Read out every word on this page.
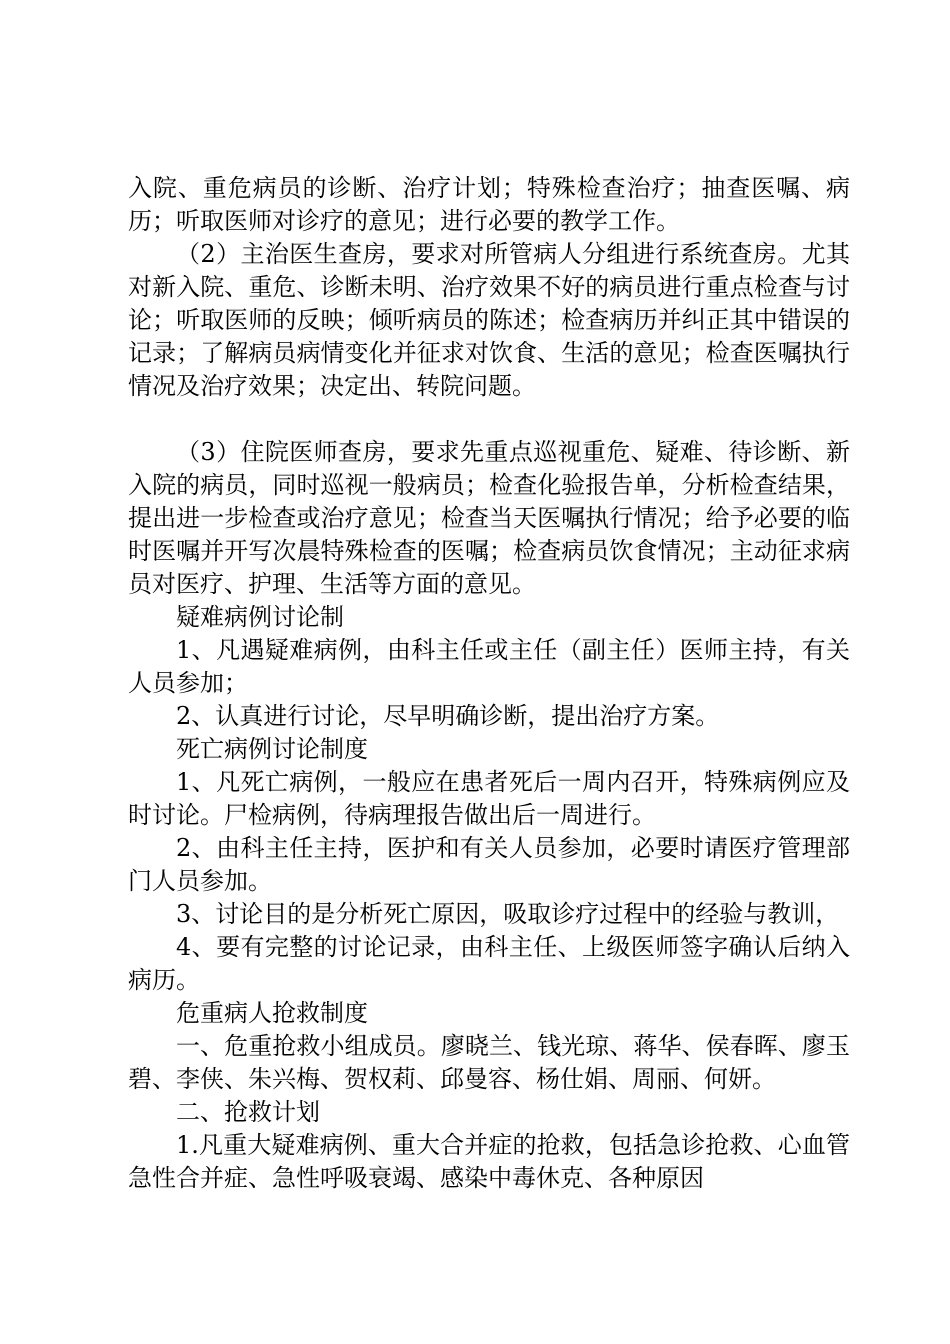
入院、重危病员的诊断、治疗计划；特殊检查治疗；抽查医嘱、病历；听取医师对诊疗的意见；进行必要的教学工作。

（2）主治医生查房，要求对所管病人分组进行系统查房。尤其对新入院、重危、诊断未明、治疗效果不好的病员进行重点检查与讨论；听取医师的反映；倾听病员的陈述；检查病历并纠正其中错误的记录；了解病员病情变化并征求对饮食、生活的意见；检查医嘱执行情况及治疗效果；决定出、转院问题。

（3）住院医师查房，要求先重点巡视重危、疑难、待诊断、新入院的病员，同时巡视一般病员；检查化验报告单，分析检查结果，提出进一步检查或治疗意见；检查当天医嘱执行情况；给予必要的临时医嘱并开写次晨特殊检查的医嘱；检查病员饮食情况；主动征求病员对医疗、护理、生活等方面的意见。

疑难病例讨论制

1、凡遇疑难病例，由科主任或主任（副主任）医师主持，有关人员参加；

2、认真进行讨论，尽早明确诊断，提出治疗方案。

死亡病例讨论制度

1、凡死亡病例，一般应在患者死后一周内召开，特殊病例应及时讨论。尸检病例，待病理报告做出后一周进行。

2、由科主任主持，医护和有关人员参加，必要时请医疗管理部门人员参加。

3、讨论目的是分析死亡原因，吸取诊疗过程中的经验与教训，

4、要有完整的讨论记录，由科主任、上级医师签字确认后纳入病历。

危重病人抢救制度

一、危重抢救小组成员。廖晓兰、钱光琼、蒋华、侯春晖、廖玉碧、李侠、朱兴梅、贺权莉、邱曼容、杨仕娟、周丽、何妍。

二、抢救计划

1.凡重大疑难病例、重大合并症的抢救，包括急诊抢救、心血管急性合并症、急性呼吸衰竭、感染中毒休克、各种原因
